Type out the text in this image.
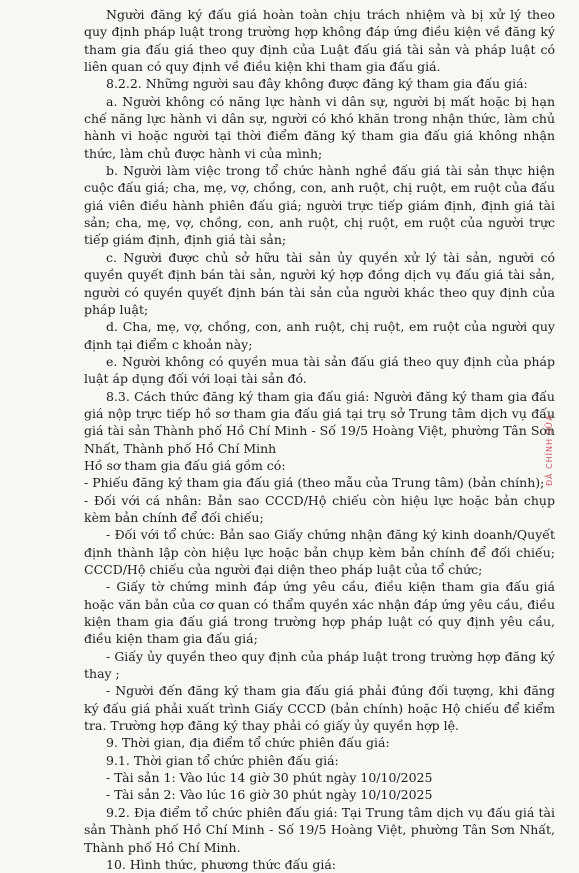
Người đăng ký đấu giá hoàn toàn chịu trách nhiệm và bị xử lý theo quy định pháp luật trong trường hợp không đáp ứng điều kiện về đăng ký tham gia đấu giá theo quy định của Luật đấu giá tài sản và pháp luật có liên quan có quy định về điều kiện khi tham gia đấu giá.

8.2.2. Những người sau đây không được đăng ký tham gia đấu giá:

a. Người không có năng lực hành vi dân sự, người bị mất hoặc bị hạn chế năng lực hành vi dân sự, người có khó khăn trong nhận thức, làm chủ hành vi hoặc người tại thời điểm đăng ký tham gia đấu giá không nhận thức, làm chủ được hành vi của mình;

b. Người làm việc trong tổ chức hành nghề đấu giá tài sản thực hiện cuộc đấu giá; cha, mẹ, vợ, chồng, con, anh ruột, chị ruột, em ruột của đấu giá viên điều hành phiên đấu giá; người trực tiếp giám định, định giá tài sản; cha, mẹ, vợ, chồng, con, anh ruột, chị ruột, em ruột của người trực tiếp giám định, định giá tài sản;

c. Người được chủ sở hữu tài sản ủy quyền xử lý tài sản, người có quyền quyết định bán tài sản, người ký hợp đồng dịch vụ đấu giá tài sản, người có quyền quyết định bán tài sản của người khác theo quy định của pháp luật;

d. Cha, mẹ, vợ, chồng, con, anh ruột, chị ruột, em ruột của người quy định tại điểm c khoản này;

e. Người không có quyền mua tài sản đấu giá theo quy định của pháp luật áp dụng đối với loại tài sản đó.

8.3. Cách thức đăng ký tham gia đấu giá: Người đăng ký tham gia đấu giá nộp trực tiếp hồ sơ tham gia đấu giá tại trụ sở Trung tâm dịch vụ đấu giá tài sản Thành phố Hồ Chí Minh - Số 19/5 Hoàng Việt, phường Tân Sơn Nhất, Thành phố Hồ Chí Minh

Hồ sơ tham gia đấu giá gồm có:

- Phiếu đăng ký tham gia đấu giá (theo mẫu của Trung tâm) (bản chính);

- Đối với cá nhân: Bản sao CCCD/Hộ chiếu còn hiệu lực hoặc bản chụp kèm bản chính để đối chiếu;

- Đối với tổ chức: Bản sao Giấy chứng nhận đăng ký kinh doanh/Quyết định thành lập còn hiệu lực hoặc bản chụp kèm bản chính để đối chiếu; CCCD/Hộ chiếu của người đại diện theo pháp luật của tổ chức;

- Giấy tờ chứng minh đáp ứng yêu cầu, điều kiện tham gia đấu giá hoặc văn bản của cơ quan có thẩm quyền xác nhận đáp ứng yêu cầu, điều kiện tham gia đấu giá trong trường hợp pháp luật có quy định yêu cầu, điều kiện tham gia đấu giá;

- Giấy ủy quyền theo quy định của pháp luật trong trường hợp đăng ký thay ;

- Người đến đăng ký tham gia đấu giá phải đúng đối tượng, khi đăng ký đấu giá phải xuất trình Giấy CCCD (bản chính) hoặc Hộ chiếu để kiểm tra. Trường hợp đăng ký thay phải có giấy ủy quyền hợp lệ.

9. Thời gian, địa điểm tổ chức phiên đấu giá:

9.1. Thời gian tổ chức phiên đấu giá:

- Tài sản 1: Vào lúc 14 giờ 30 phút ngày 10/10/2025

- Tài sản 2: Vào lúc 16 giờ 30 phút ngày 10/10/2025

9.2. Địa điểm tổ chức phiên đấu giá: Tại Trung tâm dịch vụ đấu giá tài sản Thành phố Hồ Chí Minh - Số 19/5 Hoàng Việt, phường Tân Sơn Nhất, Thành phố Hồ Chí Minh.

10. Hình thức, phương thức đấu giá:

ĐÃ CHÍNH SỬA
